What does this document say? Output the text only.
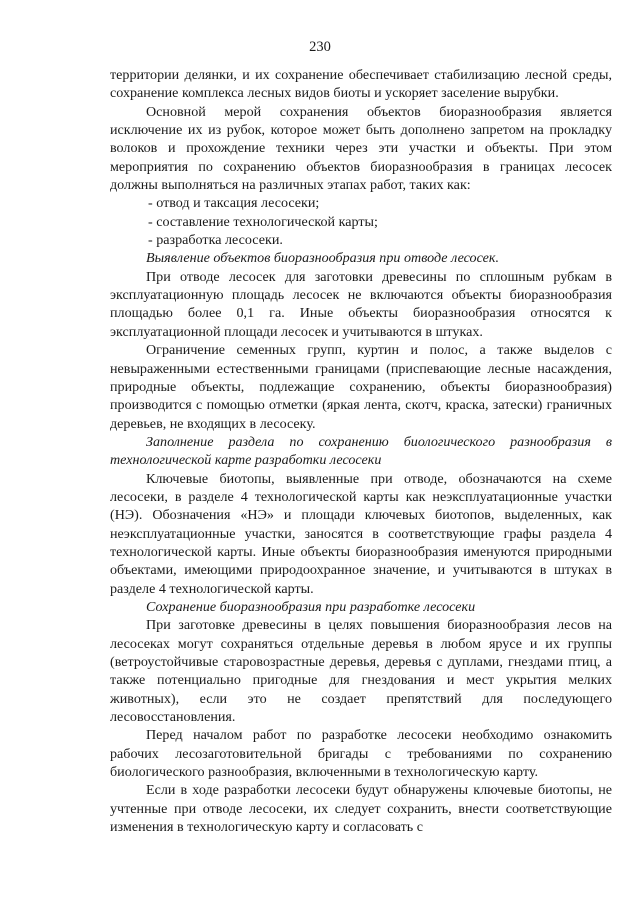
230

территории делянки, и их сохранение обеспечивает стабилизацию лесной среды, сохранение комплекса лесных видов биоты и ускоряет заселение вырубки.

Основной мерой сохранения объектов биоразнообразия является исключение их из рубок, которое может быть дополнено запретом на прокладку волоков и прохождение техники через эти участки и объекты. При этом мероприятия по сохранению объектов биоразнообразия в границах лесосек должны выполняться на различных этапах работ, таких как:

- отвод и таксация лесосеки;

- составление технологической карты;

- разработка лесосеки.

Выявление объектов биоразнообразия при отводе лесосек.

При отводе лесосек для заготовки древесины по сплошным рубкам в эксплуатационную площадь лесосек не включаются объекты биоразнообразия площадью более 0,1 га. Иные объекты биоразнообразия относятся к эксплуатационной площади лесосек и учитываются в штуках.

Ограничение семенных групп, куртин и полос, а также выделов с невыраженными естественными границами (приспевающие лесные насаждения, природные объекты, подлежащие сохранению, объекты биоразнообразия) производится с помощью отметки (яркая лента, скотч, краска, затески) граничных деревьев, не входящих в лесосеку.

Заполнение раздела по сохранению биологического разнообразия в технологической карте разработки лесосеки

Ключевые биотопы, выявленные при отводе, обозначаются на схеме лесосеки, в разделе 4 технологической карты как неэксплуатационные участки (НЭ). Обозначения «НЭ» и площади ключевых биотопов, выделенных, как неэксплуатационные участки, заносятся в соответствующие графы раздела 4 технологической карты. Иные объекты биоразнообразия именуются природными объектами, имеющими природоохранное значение, и учитываются в штуках в разделе 4 технологической карты.

Сохранение биоразнообразия при разработке лесосеки

При заготовке древесины в целях повышения биоразнообразия лесов на лесосеках могут сохраняться отдельные деревья в любом ярусе и их группы (ветроустойчивые старовозрастные деревья, деревья с дуплами, гнездами птиц, а также потенциально пригодные для гнездования и мест укрытия мелких животных), если это не создает препятствий для последующего лесовосстановления.

Перед началом работ по разработке лесосеки необходимо ознакомить рабочих лесозаготовительной бригады с требованиями по сохранению биологического разнообразия, включенными в технологическую карту.

Если в ходе разработки лесосеки будут обнаружены ключевые биотопы, не учтенные при отводе лесосеки, их следует сохранить, внести соответствующие изменения в технологическую карту и согласовать с
